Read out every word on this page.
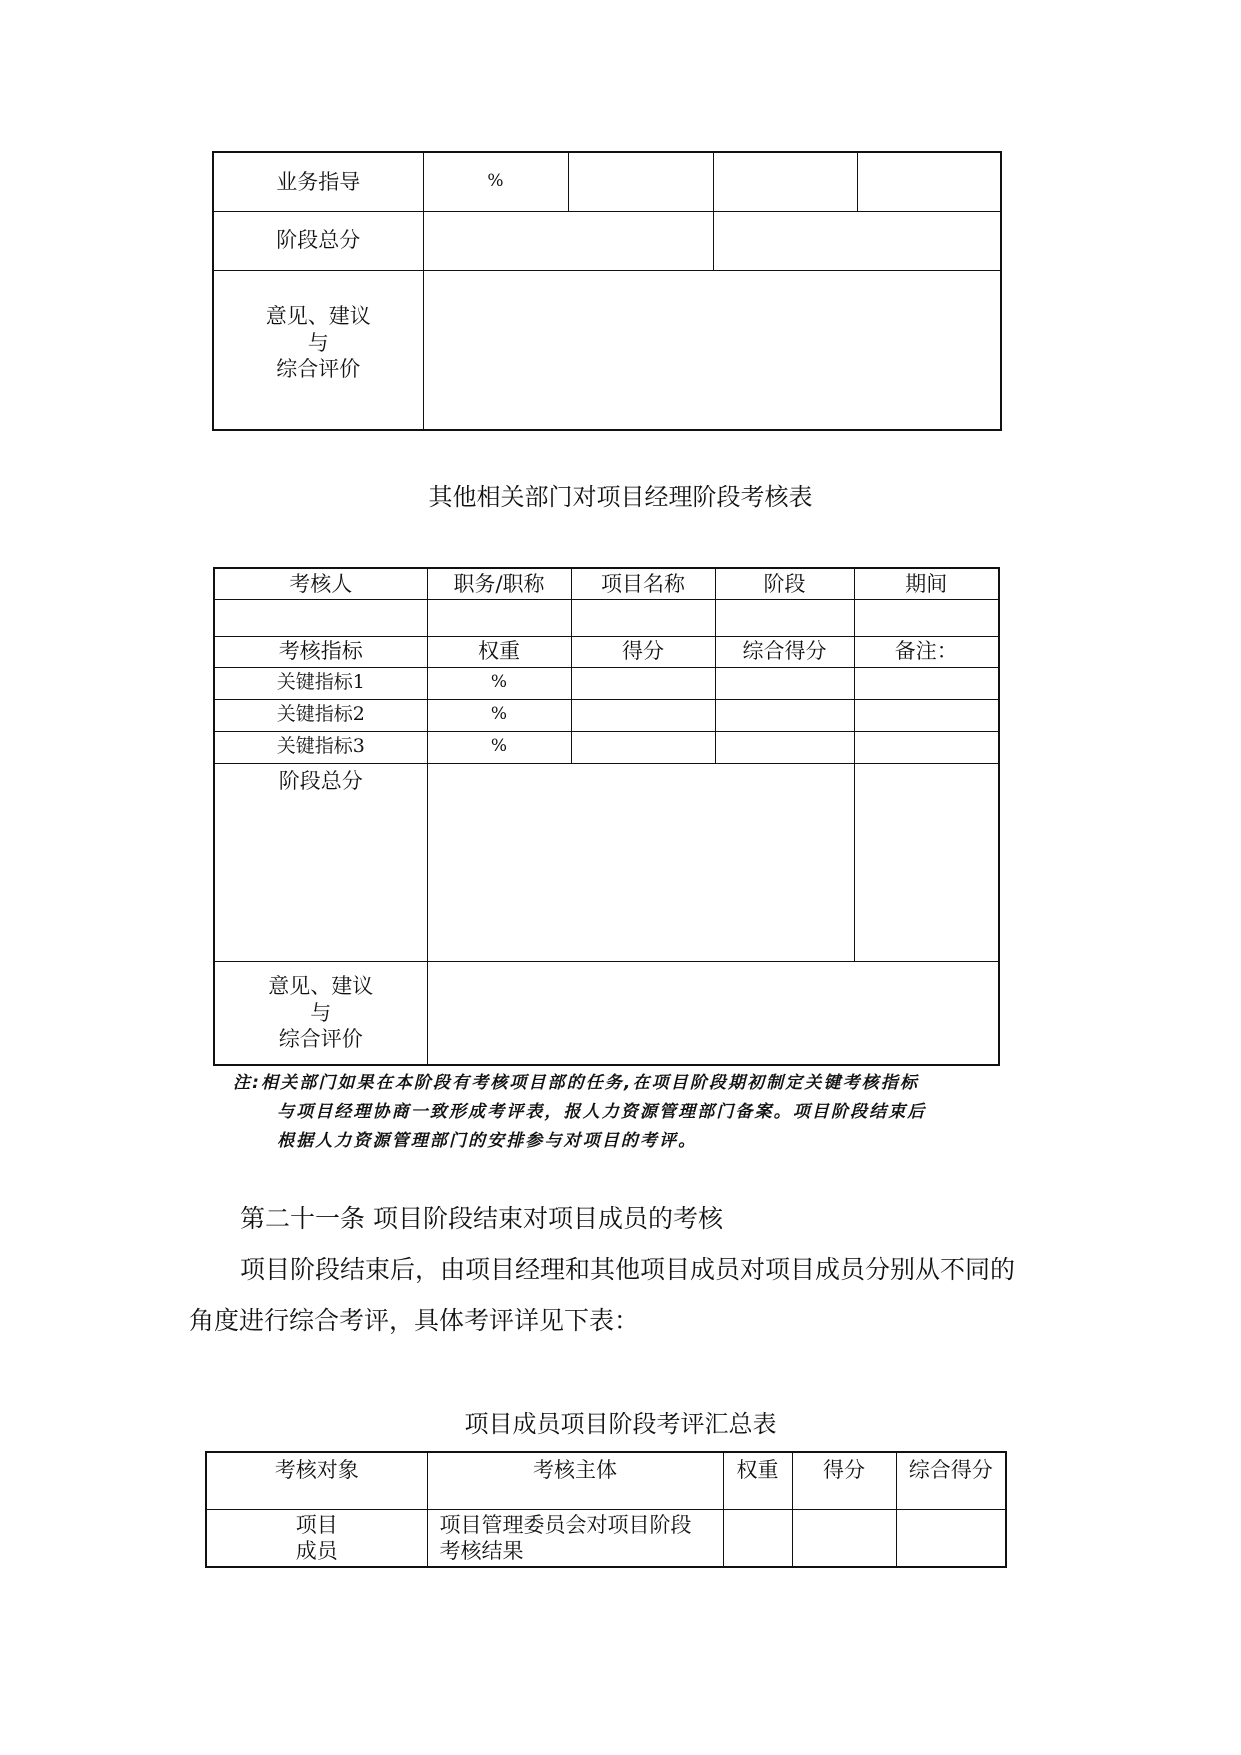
业务指导	%			
阶段总分				

意见、建议
与
综合评价				

其他相关部门对项目经理阶段考核表
考核人	职务/职称	项目名称	阶段	期间

考核指标	权重	得分	综合得分	备注：
关键指标1	%			
关键指标2	%			
关键指标3	%			
阶段总分				

意见、建议
与
综合评价				

注:相关部门如果在本阶段有考核项目部的任务,在项目阶段期初制定关键考核指标
与项目经理协商一致形成考评表，报人力资源管理部门备案。项目阶段结束后
根据人力资源管理部门的安排参与对项目的考评。
第二十一条 项目阶段结束对项目成员的考核
项目阶段结束后，由项目经理和其他项目成员对项目成员分别从不同的
角度进行综合考评，具体考评详见下表：
项目成员项目阶段考评汇总表
考核对象	考核主体	权重	得分	综合得分

项目
成员	项目管理委员会对项目阶段
考核结果			
